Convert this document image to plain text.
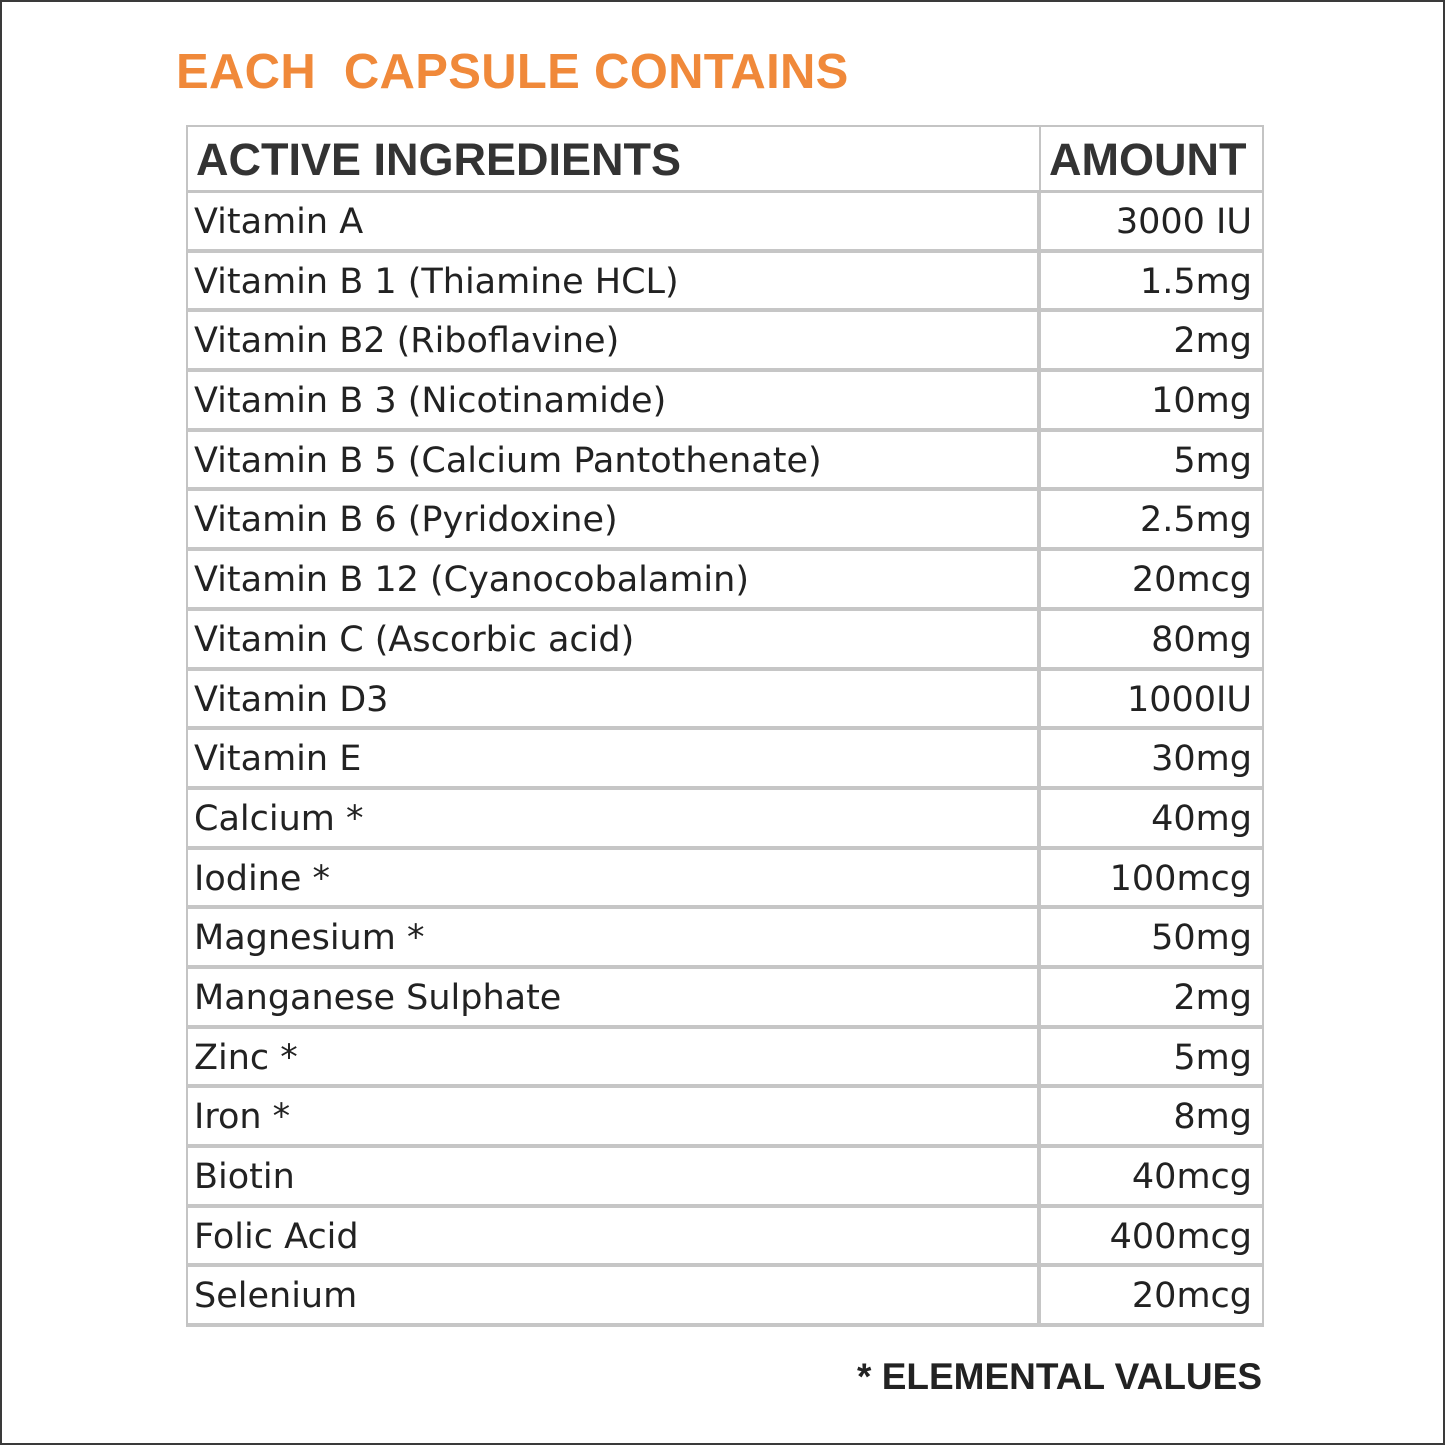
EACH  CAPSULE CONTAINS
ACTIVE INGREDIENTS	AMOUNT
Vitamin A	3000 IU
Vitamin B 1 (Thiamine HCL)	1.5mg
Vitamin B2 (Riboflavine)	2mg
Vitamin B 3 (Nicotinamide)	10mg
Vitamin B 5 (Calcium Pantothenate)	5mg
Vitamin B 6 (Pyridoxine)	2.5mg
Vitamin B 12 (Cyanocobalamin)	20mcg
Vitamin C (Ascorbic acid)	80mg
Vitamin D3	1000IU
Vitamin E	30mg
Calcium *	40mg
Iodine *	100mcg
Magnesium *	50mg
Manganese Sulphate	2mg
Zinc *	5mg
Iron *	8mg
Biotin	40mcg
Folic Acid	400mcg
Selenium	20mcg
* ELEMENTAL VALUES
